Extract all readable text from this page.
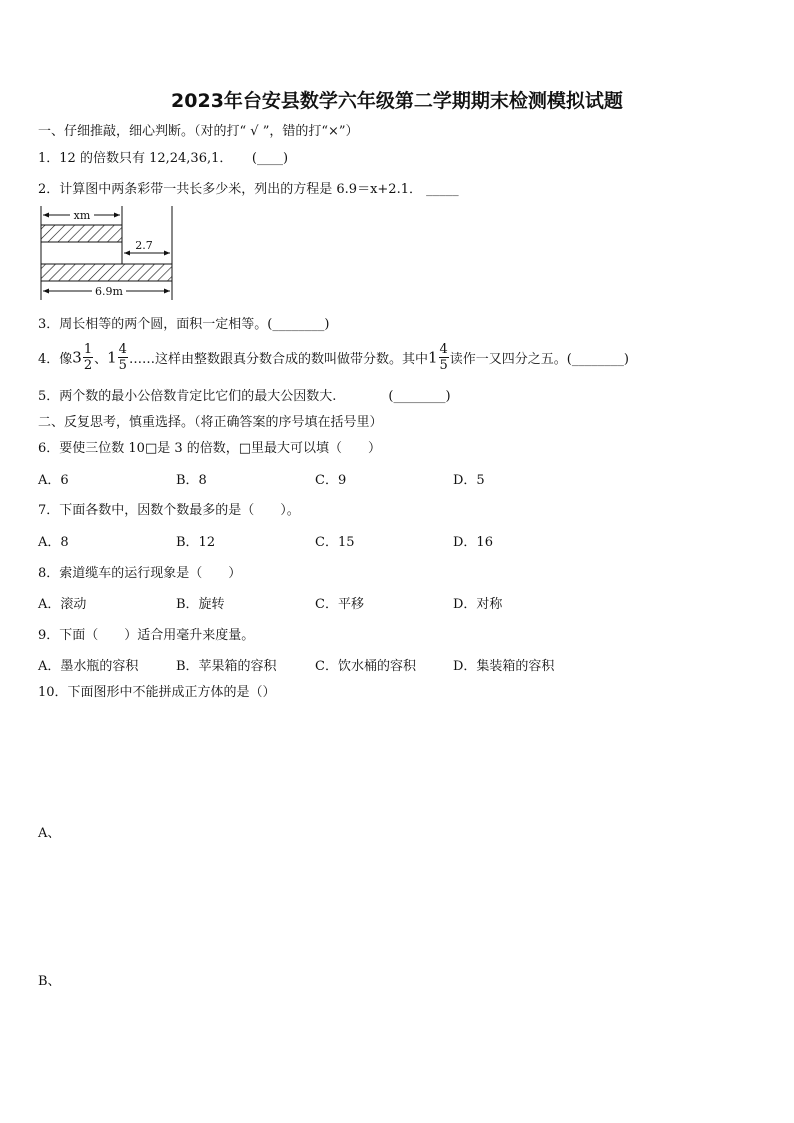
2023年台安县数学六年级第二学期期末检测模拟试题
一、仔细推敲，细心判断。（对的打“ √ ”，错的打“×”）
1．12 的倍数只有 12,24,36,1．　　(____)
2．计算图中两条彩带一共长多少米，列出的方程是 6.9＝x+2.1． _____
xm
2.7
6.9m
3．周长相等的两个圆，面积一定相等。(________)
4．像 $3 \frac{1}{2}$ 、 $1 \frac{4}{5}$ ……这样由整数跟真分数合成的数叫做带分数。其中 $1 \frac{4}{5}$ 读作一又四分之五。(________)
5．两个数的最小公倍数肯定比它们的最大公因数大.　　　　(________)
二、反复思考，慎重选择。（将正确答案的序号填在括号里）
6．要使三位数 10□是 3 的倍数，□里最大可以填（　　）
A．6	B．8	C．9	D．5
7．下面各数中，因数个数最多的是（　　）。
A．8	B．12	C．15	D．16
8．索道缆车的运行现象是（　　）
A．滚动	B．旋转	C．平移	D．对称
9．下面（　　）适合用毫升来度量。
A．墨水瓶的容积	B．苹果箱的容积	C．饮水桶的容积	D．集装箱的容积
10．下面图形中不能拼成正方体的是（）
A、
B、
